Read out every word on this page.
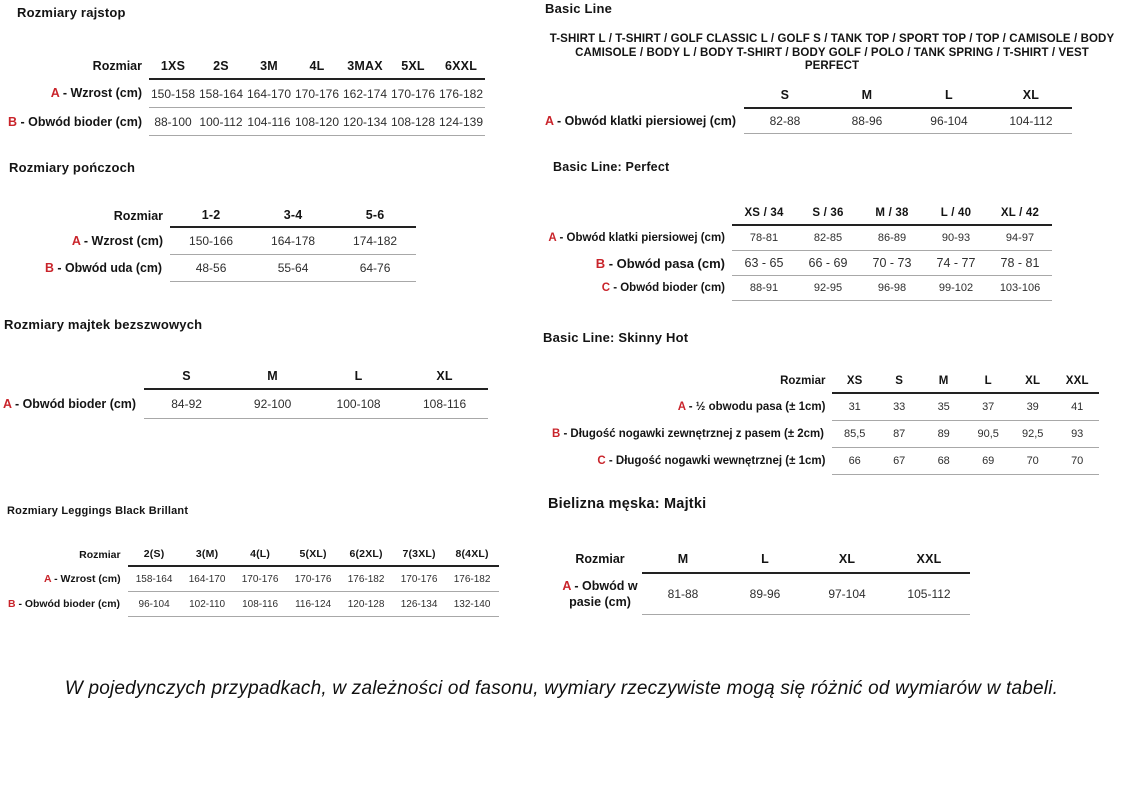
Rozmiary rajstop
Rozmiar	1XS	2S	3M	4L	3MAX	5XL	6XXL
A - Wzrost (cm)	150-158	158-164	164-170	170-176	162-174	170-176	176-182
B - Obwód bioder (cm)	88-100	100-112	104-116	108-120	120-134	108-128	124-139
Rozmiary pończoch
Rozmiar	1-2	3-4	5-6
A - Wzrost (cm)	150-166	164-178	174-182
B - Obwód uda (cm)	48-56	55-64	64-76
Rozmiary majtek bezszwowych
	S	M	L	XL
A - Obwód bioder (cm)	84-92	92-100	100-108	108-116
Rozmiary Leggings Black Brillant
Rozmiar	2(S)	3(M)	4(L)	5(XL)	6(2XL)	7(3XL)	8(4XL)
A - Wzrost (cm)	158-164	164-170	170-176	170-176	176-182	170-176	176-182
B - Obwód bioder (cm)	96-104	102-110	108-116	116-124	120-128	126-134	132-140
Basic Line
T-SHIRT L / T-SHIRT / GOLF CLASSIC L / GOLF S / TANK TOP / SPORT TOP / TOP / CAMISOLE / BODY CAMISOLE / BODY L / BODY T-SHIRT / BODY GOLF / POLO / TANK SPRING / T-SHIRT / VEST PERFECT
	S	M	L	XL
A - Obwód klatki piersiowej (cm)	82-88	88-96	96-104	104-112
Basic Line: Perfect
	XS / 34	S / 36	M / 38	L / 40	XL / 42
A - Obwód klatki piersiowej (cm)	78-81	82-85	86-89	90-93	94-97
B - Obwód pasa (cm)	63 - 65	66 - 69	70 - 73	74 - 77	78 - 81
C - Obwód bioder (cm)	88-91	92-95	96-98	99-102	103-106
Basic Line: Skinny Hot
Rozmiar	XS	S	M	L	XL	XXL
A - ½ obwodu pasa (± 1cm)	31	33	35	37	39	41
B - Długość nogawki zewnętrznej z pasem (± 2cm)	85,5	87	89	90,5	92,5	93
C - Długość nogawki wewnętrznej (± 1cm)	66	67	68	69	70	70
Bielizna męska: Majtki
Rozmiar	M	L	XL	XXL
A - Obwód w pasie (cm)	81-88	89-96	97-104	105-112

W pojedynczych przypadkach, w zależności od fasonu, wymiary rzeczywiste mogą się różnić od wymiarów w tabeli.
